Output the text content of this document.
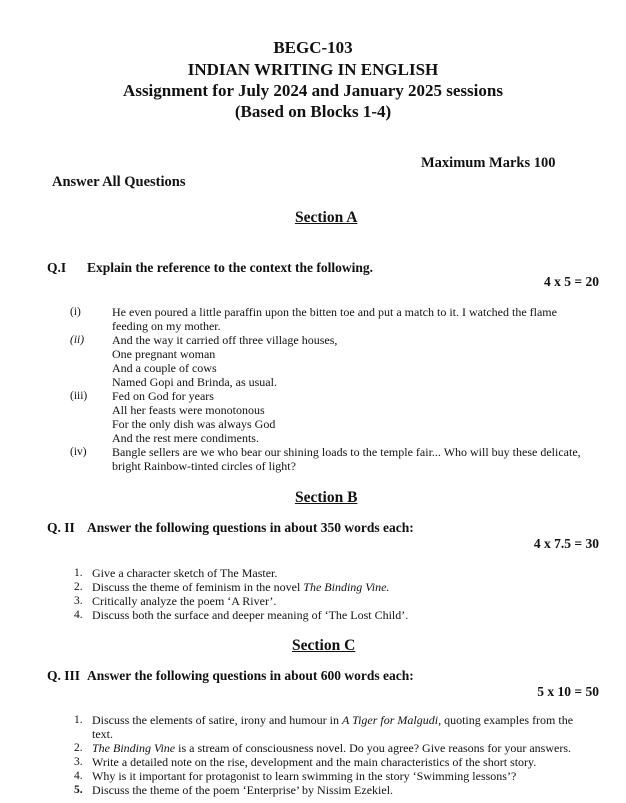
BEGC-103
INDIAN WRITING IN ENGLISH
Assignment for July 2024 and January 2025 sessions
(Based on Blocks 1-4)
Maximum Marks 100
Answer All Questions
Section A
Q.I Explain the reference to the context the following.
4 x 5 = 20
(i)	He even poured a little paraffin upon the bitten toe and put a match to it. I watched the flame
feeding on my mother.
(ii) And the way it carried off three village houses,
One pregnant woman
And a couple of cows
Named Gopi and Brinda, as usual.
(iii) Fed on God for years
All her feasts were monotonous
For the only dish was always God
And the rest mere condiments.
(iv) Bangle sellers are we who bear our shining loads to the temple fair... Who will buy these delicate,
bright Rainbow-tinted circles of light?
Section B
Q. II Answer the following questions in about 350 words each:
4 x 7.5 = 30
1. Give a character sketch of The Master.
2. Discuss the theme of feminism in the novel The Binding Vine.
3. Critically analyze the poem ‘A River’.
4. Discuss both the surface and deeper meaning of ‘The Lost Child’.
Section C
Q. III Answer the following questions in about 600 words each:
5 x 10 = 50
1. Discuss the elements of satire, irony and humour in A Tiger for Malgudi, quoting examples from the
text.
2. The Binding Vine is a stream of consciousness novel. Do you agree? Give reasons for your answers.
3. Write a detailed note on the rise, development and the main characteristics of the short story.
4. Why is it important for protagonist to learn swimming in the story ‘Swimming lessons’?
5. Discuss the theme of the poem ‘Enterprise’ by Nissim Ezekiel.
